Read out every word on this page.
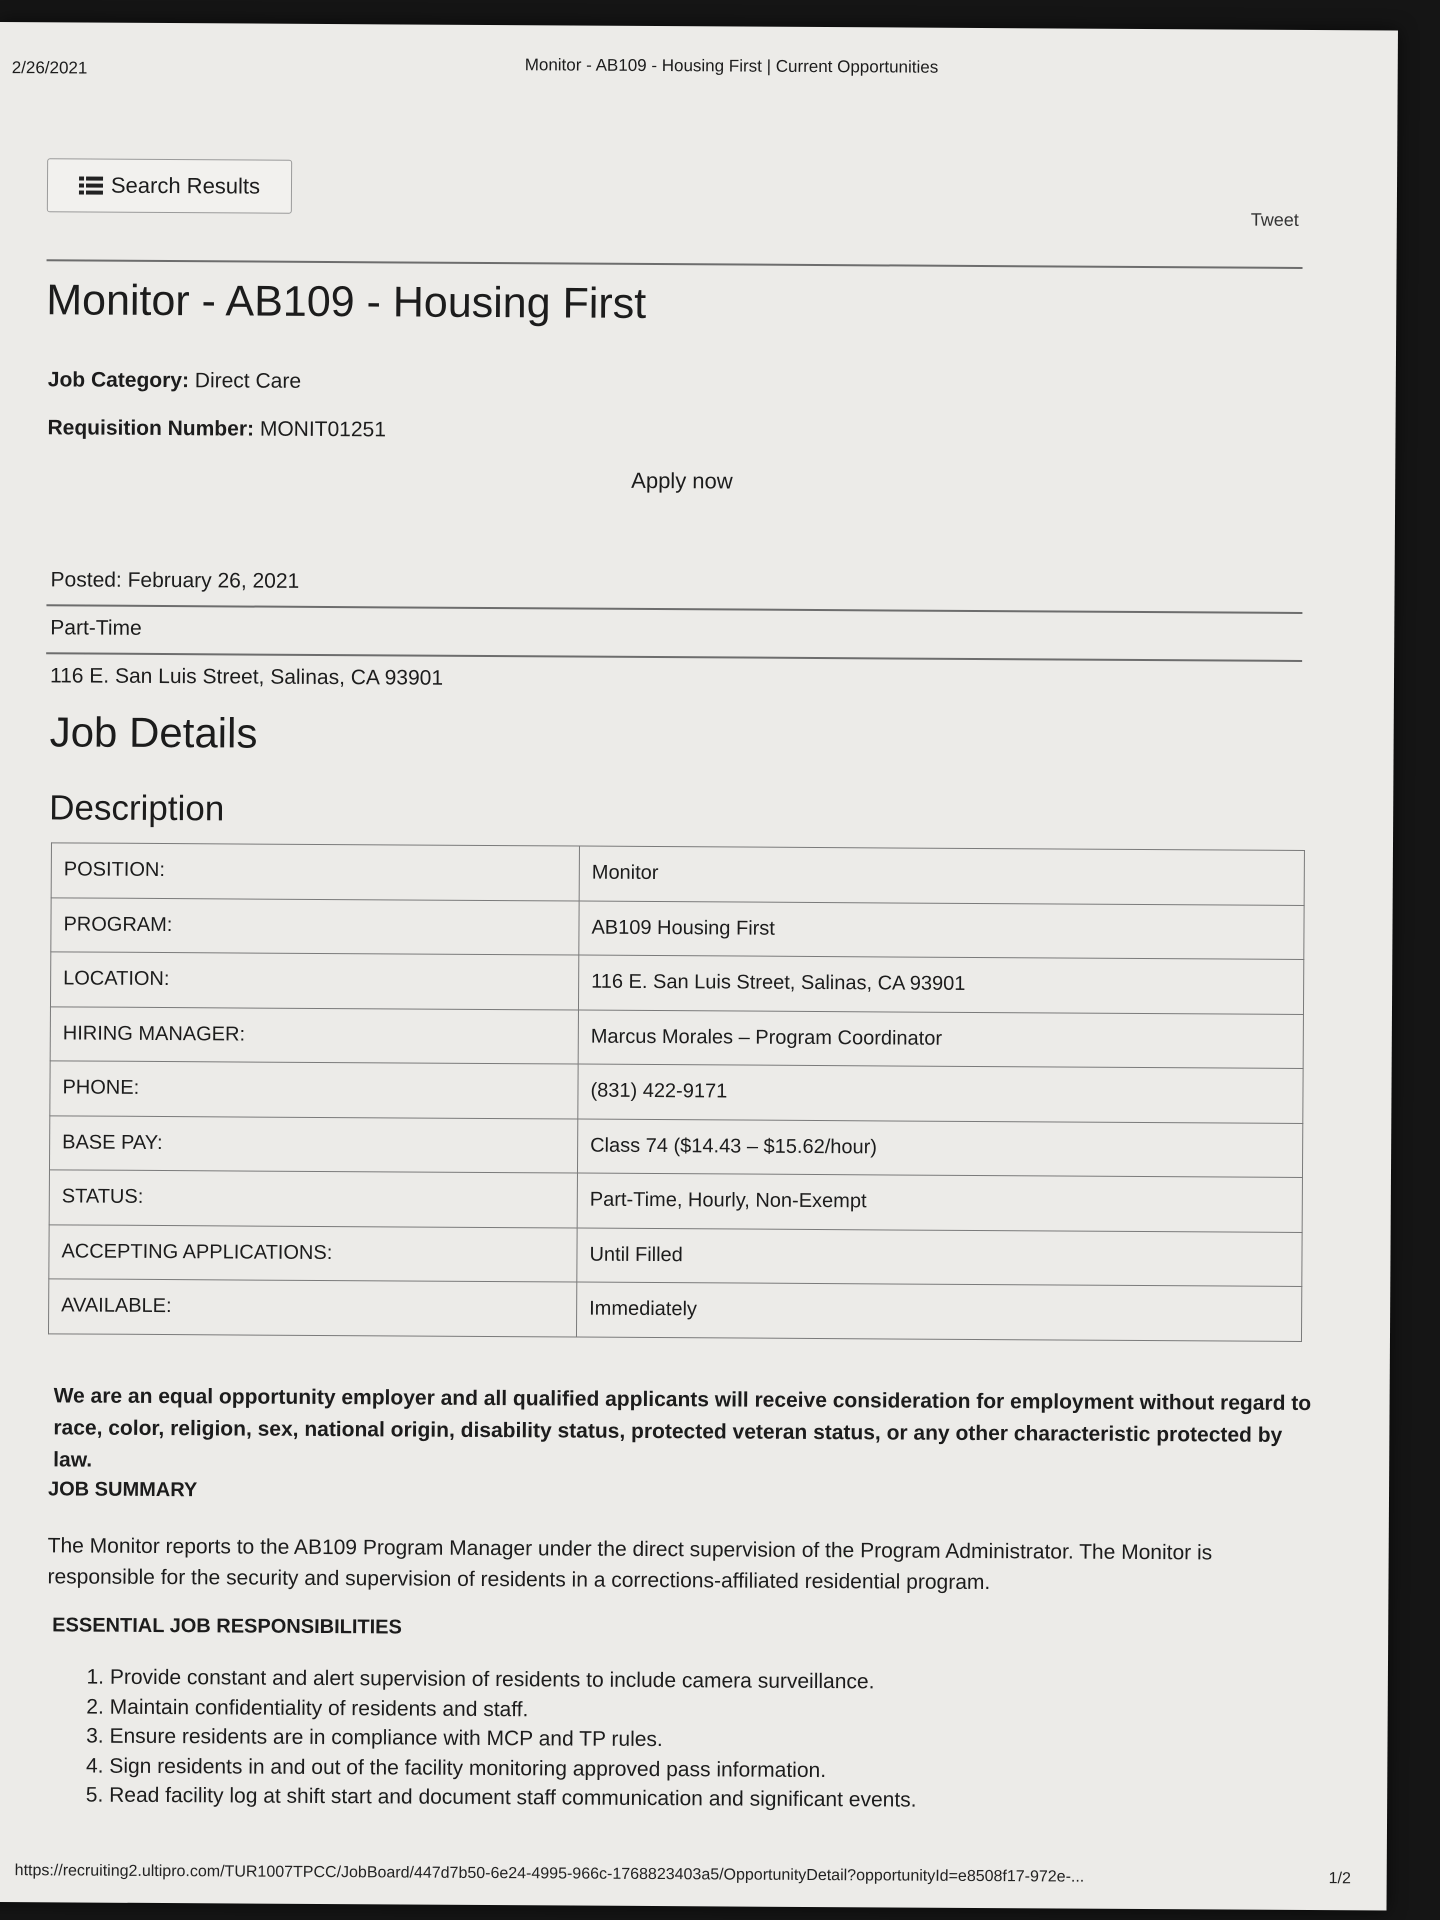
2/26/2021	Monitor - AB109 - Housing First | Current Opportunities
Search Results
Tweet
Monitor - AB109 - Housing First
Job Category: Direct Care
Requisition Number: MONIT01251
Apply now
Posted: February 26, 2021
Part-Time
116 E. San Luis Street, Salinas, CA 93901
Job Details
Description
POSITION:	Monitor
PROGRAM:	AB109 Housing First
LOCATION:	116 E. San Luis Street, Salinas, CA 93901
HIRING MANAGER:	Marcus Morales – Program Coordinator
PHONE:	(831) 422-9171
BASE PAY:	Class 74 ($14.43 – $15.62/hour)
STATUS:	Part-Time, Hourly, Non-Exempt
ACCEPTING APPLICATIONS:	Until Filled
AVAILABLE:	Immediately

We are an equal opportunity employer and all qualified applicants will receive consideration for employment without regard to race, color, religion, sex, national origin, disability status, protected veteran status, or any other characteristic protected by law.

JOB SUMMARY

The Monitor reports to the AB109 Program Manager under the direct supervision of the Program Administrator. The Monitor is responsible for the security and supervision of residents in a corrections-affiliated residential program.

ESSENTIAL JOB RESPONSIBILITIES
1. Provide constant and alert supervision of residents to include camera surveillance.
2. Maintain confidentiality of residents and staff.
3. Ensure residents are in compliance with MCP and TP rules.
4. Sign residents in and out of the facility monitoring approved pass information.
5. Read facility log at shift start and document staff communication and significant events.
https://recruiting2.ultipro.com/TUR1007TPCC/JobBoard/447d7b50-6e24-4995-966c-1768823403a5/OpportunityDetail?opportunityId=e8508f17-972e-...	1/2
